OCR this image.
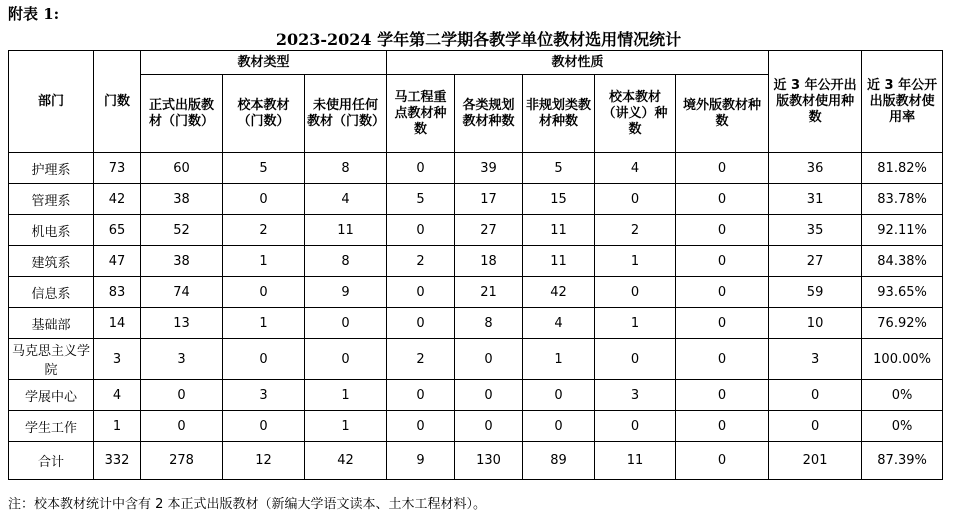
附表 1:
2023-2024 学年第二学期各教学单位教材选用情况统计
部门	门数	教材类型			教材性质					近 3 年公开出版教材使用种数	近 3 年公开出版教材使用率
		正式出版教材（门数）	校本教材（门数）	未使用任何教材（门数）	马工程重点教材种数	各类规划教材种数	非规划类教材种数	校本教材（讲义）种数	境外版教材种数		
护理系	73	60	5	8	0	39	5	4	0	36	81.82%
管理系	42	38	0	4	5	17	15	0	0	31	83.78%
机电系	65	52	2	11	0	27	11	2	0	35	92.11%
建筑系	47	38	1	8	2	18	11	1	0	27	84.38%
信息系	83	74	0	9	0	21	42	0	0	59	93.65%
基础部	14	13	1	0	0	8	4	1	0	10	76.92%
马克思主义学院	3	3	0	0	2	0	1	0	0	3	100.00%
学展中心	4	0	3	1	0	0	0	3	0	0	0%
学生工作	1	0	0	1	0	0	0	0	0	0	0%
合计	332	278	12	42	9	130	89	11	0	201	87.39%
注：校本教材统计中含有 2 本正式出版教材（新编大学语文读本、土木工程材料）。
